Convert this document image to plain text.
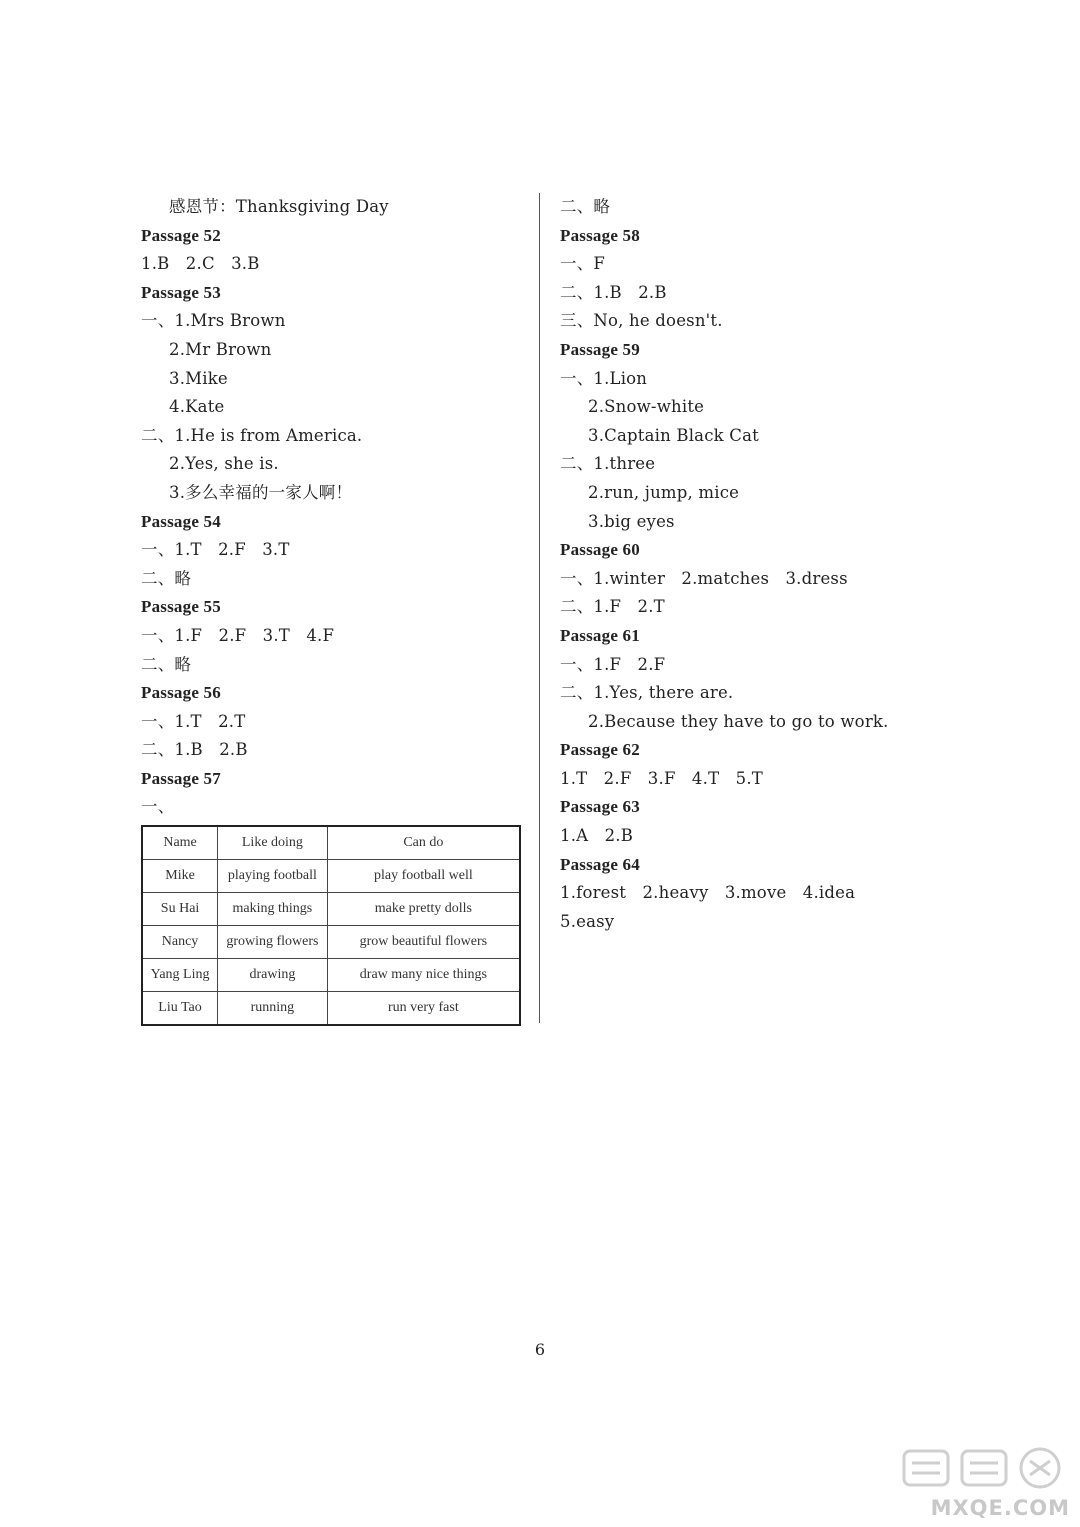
感恩节：Thanksgiving Day
Passage 52
1.B   2.C   3.B
Passage 53
一、1.Mrs Brown
2.Mr Brown
3.Mike
4.Kate
二、1.He is from America.
2.Yes, she is.
3.多么幸福的一家人啊！
Passage 54
一、1.T   2.F   3.T
二、略
Passage 55
一、1.F   2.F   3.T   4.F
二、略
Passage 56
一、1.T   2.T
二、1.B   2.B
Passage 57
一、
二、略
Passage 58
一、F
二、1.B   2.B
三、No, he doesn't.
Passage 59
一、1.Lion
2.Snow-white
3.Captain Black Cat
二、1.three
2.run, jump, mice
3.big eyes
Passage 60
一、1.winter   2.matches   3.dress
二、1.F   2.T
Passage 61
一、1.F   2.F
二、1.Yes, there are.
2.Because they have to go to work.
Passage 62
1.T   2.F   3.F   4.T   5.T
Passage 63
1.A   2.B
Passage 64
1.forest   2.heavy   3.move   4.idea
5.easy
Name	Like doing	Can do
Mike	playing football	play football well
Su Hai	making things	make pretty dolls
Nancy	growing flowers	grow beautiful flowers
Yang Ling	drawing	draw many nice things
Liu Tao	running	run very fast
6
MXQE.COM
